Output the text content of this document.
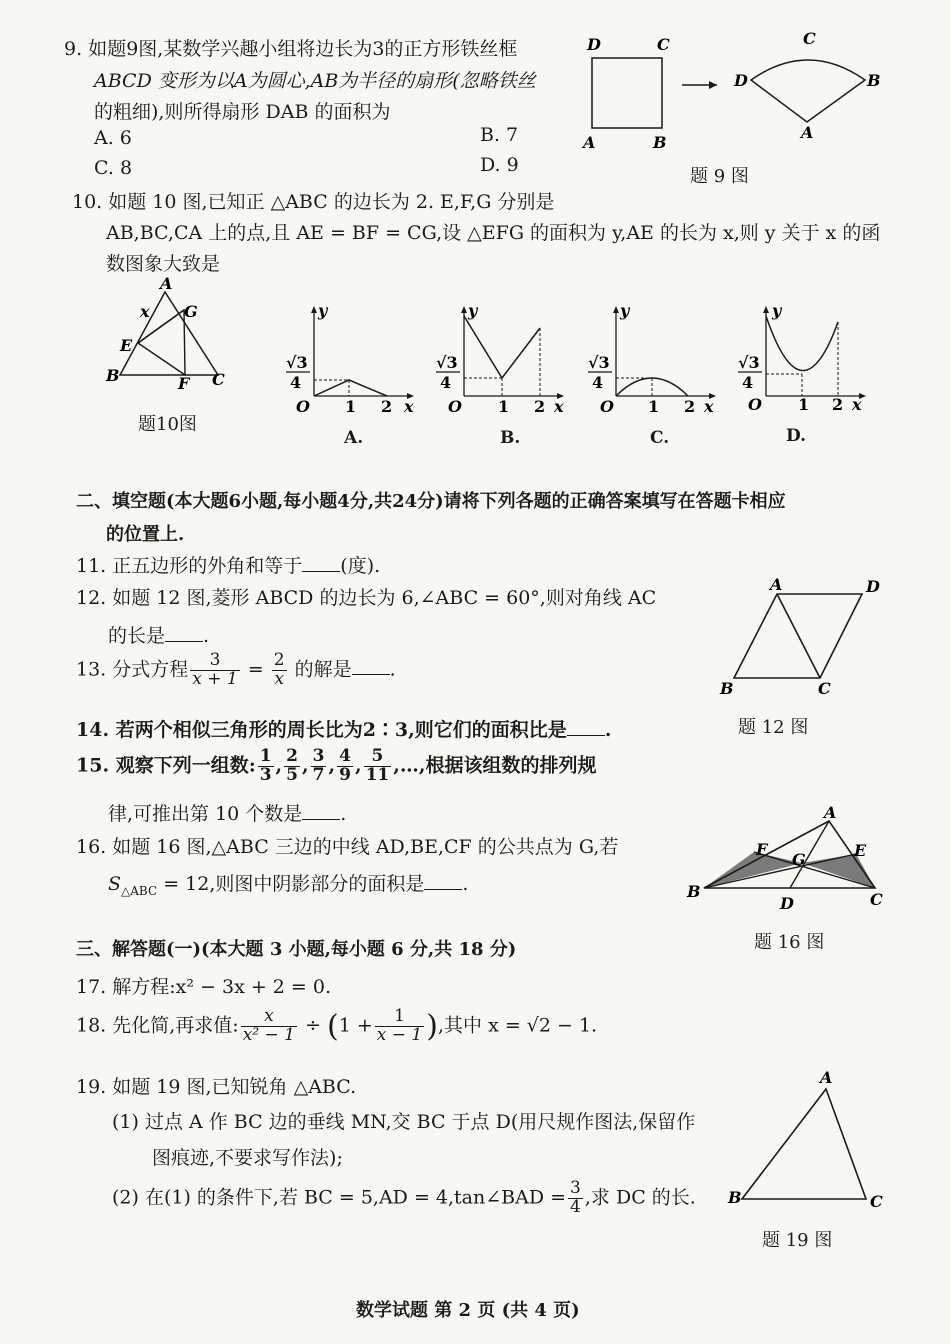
9. 如题9图,某数学兴趣小组将边长为3的正方形铁丝框
ABCD 变形为以A为圆心,AB为半径的扇形(忽略铁丝
的粗细),则所得扇形 DAB 的面积为
A. 6	B. 7
C. 8	D. 9
D	C
A	B
D
C
B
A
题 9 图
10. 如题 10 图,已知正 △ABC 的边长为 2. E,F,G 分别是
AB,BC,CA 上的点,且 AE = BF = CG,设 △EFG 的面积为 y,AE 的长为 x,则 y 关于 x 的函
数图象大致是
A
x G
E
B	F C
题10图
y
√3
4
O 1 2 x
A.
y
√3
4
O 1 2 x
B.
y
√3
4
O 1 2 x
C.
y
√3
4
O 1 2 x
D.
二、填空题(本大题6小题,每小题4分,共24分)请将下列各题的正确答案填写在答题卡相应
的位置上.
11. 正五边形的外角和等于 (度).
12. 如题 12 图,菱形 ABCD 的边长为 6,∠ABC = 60°,则对角线 AC
的长是 .
A	D
B	C
题 12 图
13. 分式方程 $\frac{3}{x + 1} = \frac{2}{x}$ 的解是 .
14. 若两个相似三角形的周长比为2∶3,则它们的面积比是 .
15. 观察下列一组数: $\frac{1}{3}$ , $\frac{2}{5}$ , $\frac{3}{7}$ , $\frac{4}{9}$ , $\frac{5}{11}$ ,…,根据该组数的排列规
律,可推出第 10 个数是 .
16. 如题 16 图,△ABC 三边的中线 AD,BE,CF 的公共点为 G,若
$S_{\triangle ABC} = 12$,则图中阴影部分的面积是 .
A
F
G	E
B
D	C
题 16 图
三、解答题(一)(本大题 3 小题,每小题 6 分,共 18 分)
17. 解方程:x² − 3x + 2 = 0.
18. 先化简,再求值: $\frac{x}{\text{x² − 1}} \div (1 + \frac{1}{x - 1}$ ),其中 x = √2 − 1.
19. 如题 19 图,已知锐角 △ABC.
(1) 过点 A 作 BC 边的垂线 MN,交 BC 于点 D(用尺规作图法,保留作
图痕迹,不要求写作法);
(2) 在(1) 的条件下,若 BC = 5,AD = 4,tan∠BAD = $\frac{3}{4}$ ,求 DC 的长.
A
B	C
题 19 图
数学试题 第 2 页 (共 4 页)
